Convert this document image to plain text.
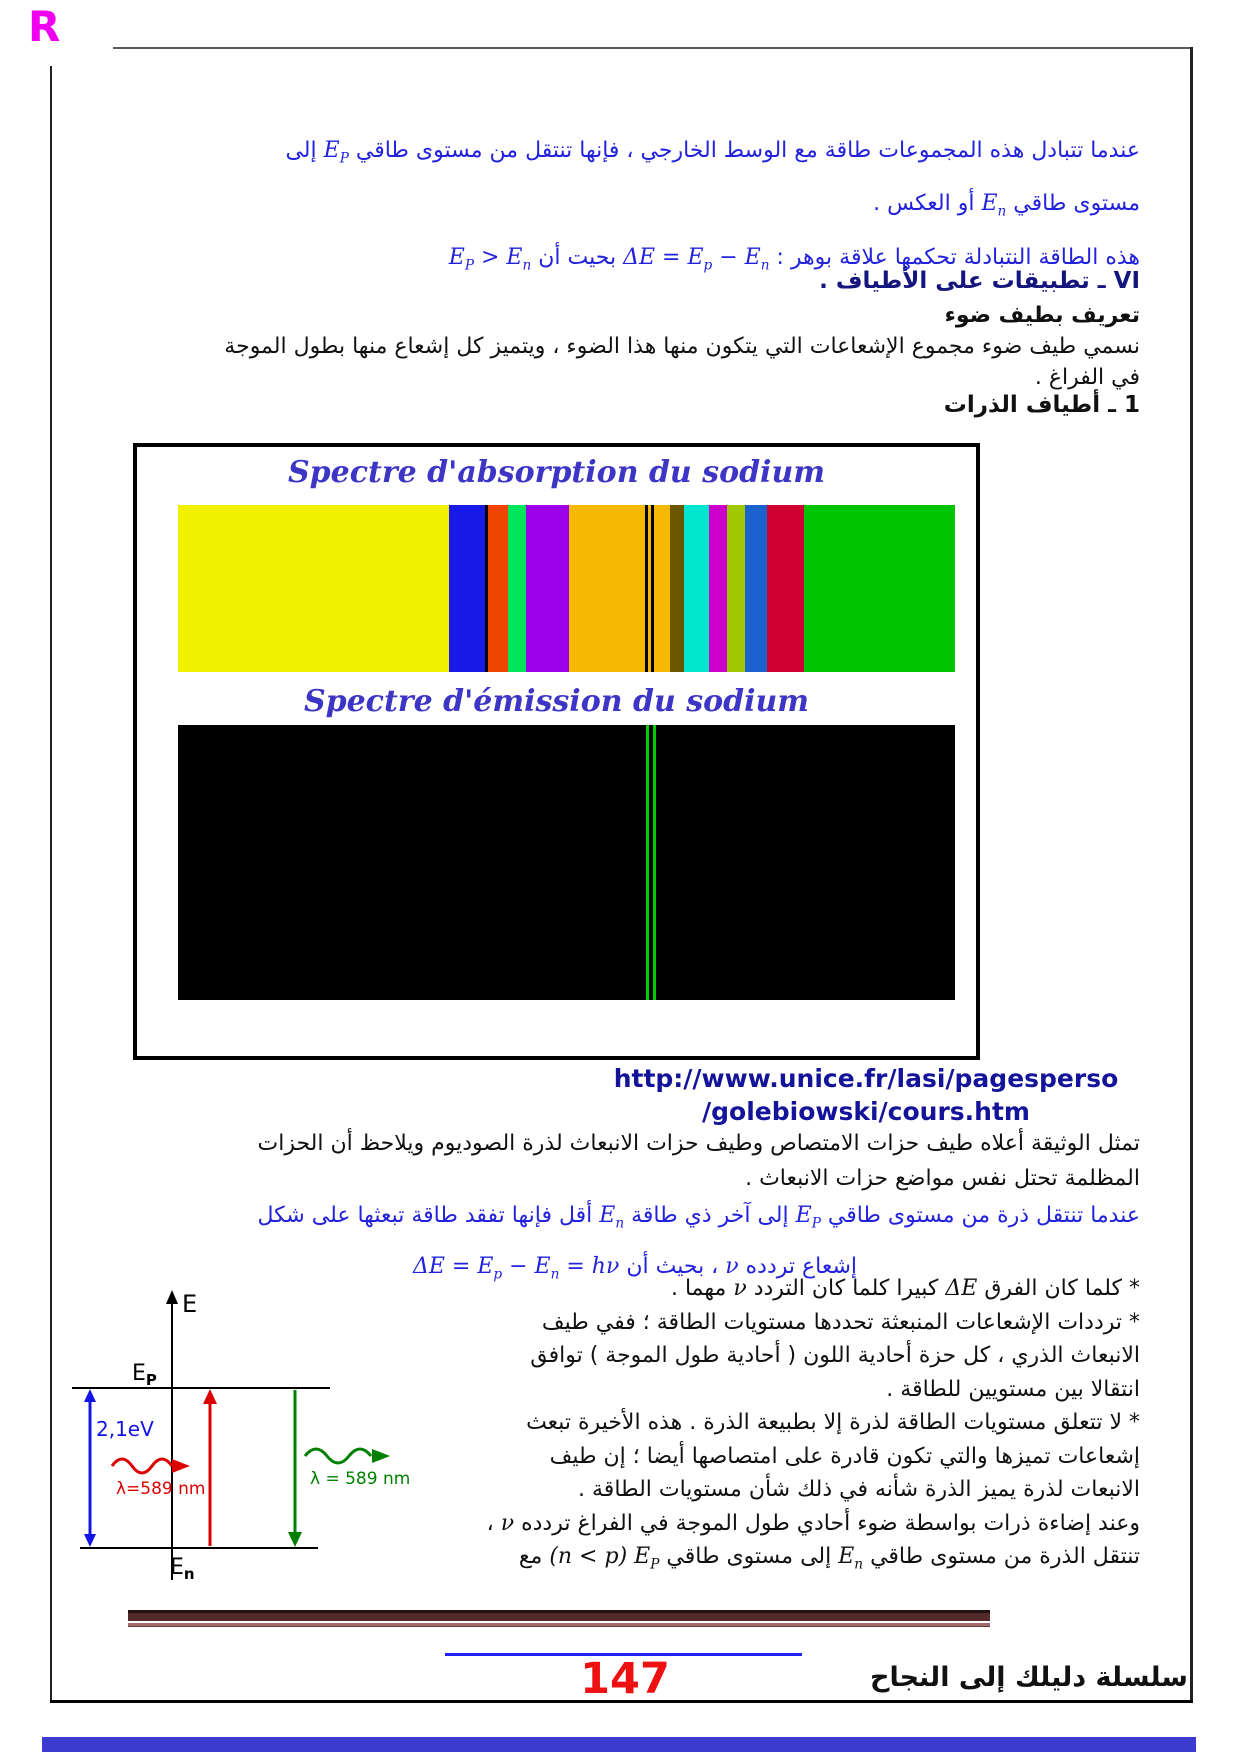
R
عندما تتبادل هذه المجموعات طاقة مع الوسط الخارجي ، فإنها تنتقل من مستوى طاقي $E_P$ إلى
مستوى طاقي $E_n$ أو العكس .
هذه الطاقة النتبادلة تحكمها علاقة بوهر : $\Delta E = E_p - E_n$ بحيت أن $E_P > E_n$
VI ـ تطبيقات على الأطياف .
تعريف بطيف ضوء
نسمي طيف ضوء مجموع الإشعاعات التي يتكون منها هذا الضوء ، ويتميز كل إشعاع منها بطول الموجة
في الفراغ .
1 ـ أطياف الذرات
Spectre d'absorption du sodium
Spectre d'émission du sodium
http://www.unice.fr/lasi/pagesperso
/golebiowski/cours.htm
تمثل الوثيقة أعلاه طيف حزات الامتصاص وطيف حزات الانبعاث لذرة الصوديوم ويلاحظ أن الحزات
المظلمة تحتل نفس مواضع حزات الانبعاث .
عندما تنتقل ذرة من مستوى طاقي $E_P$ إلى آخر ذي طاقة $E_n$ أقل فإنها تفقد طاقة تبعثها على شكل
إشعاع تردده ν ، بحيث أن $\Delta E = E_p - E_n = h\nu$
* كلما كان الفرق ΔE كبيرا كلما كان التردد ν مهما .
* ترددات الإشعاعات المنبعثة تحددها مستويات الطاقة ؛ ففي طيف
الانبعاث الذري ، كل حزة أحادية اللون ( أحادية طول الموجة ) توافق
انتقالا بين مستويين للطاقة .
* لا تتعلق مستويات الطاقة لذرة إلا بطبيعة الذرة . هذه الأخيرة تبعث
إشعاعات تميزها والتي تكون قادرة على امتصاصها أيضا ؛ إن طيف
الانبعات لذرة يميز الذرة شأنه في ذلك شأن مستويات الطاقة .
وعند إضاءة ذرات بواسطة ضوء أحادي طول الموجة في الفراغ تردده ν ،
تنتقل الذرة من مستوى طاقي $E_n$ إلى مستوى طاقي $E_P$ (n < p) مع
E
$E_P$
$E_n$
2,1eV
λ=589 nm	λ = 589 nm
147	سلسلة دليلك إلى النجاح
